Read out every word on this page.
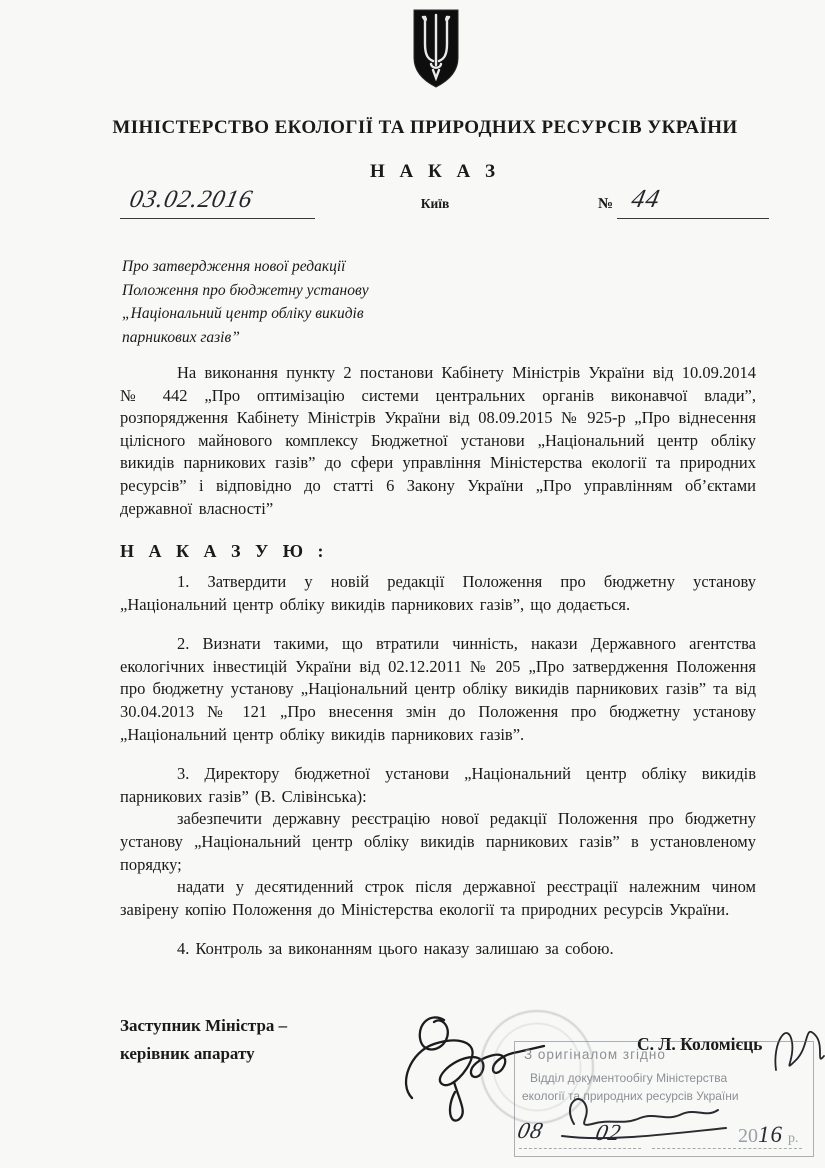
МІНІСТЕРСТВО ЕКОЛОГІЇ ТА ПРИРОДНИХ РЕСУРСІВ УКРАЇНИ
Н А К А З
03.02.2016	Київ	№ 44
Про затвердження нової редакції
Положення про бюджетну установу
„Національний центр обліку викидів
парникових газів”
На виконання пункту 2 постанови Кабінету Міністрів України від 10.09.2014 № 442 „Про оптимізацію системи центральних органів виконавчої влади”, розпорядження Кабінету Міністрів України від 08.09.2015 № 925-р „Про віднесення цілісного майнового комплексу Бюджетної установи „Національний центр обліку викидів парникових газів” до сфери управління Міністерства екології та природних ресурсів” і відповідно до статті 6 Закону України „Про управлінням об’єктами державної власності”
Н А К А З У Ю :

1. Затвердити у новій редакції Положення про бюджетну установу „Національний центр обліку викидів парникових газів”, що додається.

2. Визнати такими, що втратили чинність, накази Державного агентства екологічних інвестицій України від 02.12.2011 № 205 „Про затвердження Положення про бюджетну установу „Національний центр обліку викидів парникових газів” та від 30.04.2013 № 121 „Про внесення змін до Положення про бюджетну установу „Національний центр обліку викидів парникових газів”.

3. Директору бюджетної установи „Національний центр обліку викидів парникових газів” (В. Слівінська):

забезпечити державну реєстрацію нової редакції Положення про бюджетну установу „Національний центр обліку викидів парникових газів” в установленому порядку;

надати у десятиденний строк після державної реєстрації належним чином завірену копію Положення до Міністерства екології та природних ресурсів України.

4. Контроль за виконанням цього наказу залишаю за собою.

Заступник Міністра –
керівник апарату	С. Л. Коломієць
З оригіналом згідно
Відділ документообігу Міністерства
екології та природних ресурсів України
08 02	2016 р.
